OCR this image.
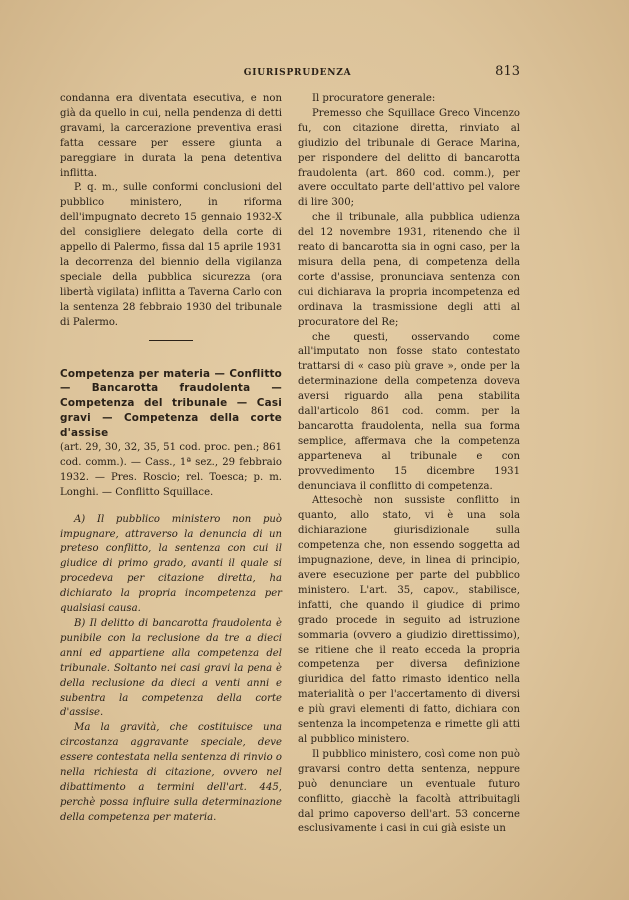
GIURISPRUDENZA	813

condanna era diventata esecutiva, e non già da quello in cui, nella pendenza di detti gravami, la carcerazione preventiva erasi fatta cessare per essere giunta a pareggiare in durata la pena detentiva inflitta.

P. q. m., sulle conformi conclusioni del pubblico ministero, in riforma dell'impugnato decreto 15 gennaio 1932-X del consigliere delegato della corte di appello di Palermo, fissa dal 15 aprile 1931 la decorrenza del biennio della vigilanza speciale della pubblica sicurezza (ora libertà vigilata) inflitta a Taverna Carlo con la sentenza 28 febbraio 1930 del tribunale di Palermo.

Competenza per materia — Conflitto — Bancarotta fraudolenta — Competenza del tribunale — Casi gravi — Competenza della corte d'assise

(art. 29, 30, 32, 35, 51 cod. proc. pen.; 861 cod. comm.). — Cass., 1ª sez., 29 febbraio 1932. — Pres. Roscio; rel. Toesca; p. m. Longhi. — Conflitto Squillace.

A) Il pubblico ministero non può impugnare, attraverso la denuncia di un preteso conflitto, la sentenza con cui il giudice di primo grado, avanti il quale si procedeva per citazione diretta, ha dichiarato la propria incompetenza per qualsiasi causa.

B) Il delitto di bancarotta fraudolenta è punibile con la reclusione da tre a dieci anni ed appartiene alla competenza del tribunale. Soltanto nei casi gravi la pena è della reclusione da dieci a venti anni e subentra la competenza della corte d'assise.

Ma la gravità, che costituisce una circostanza aggravante speciale, deve essere contestata nella sentenza di rinvio o nella richiesta di citazione, ovvero nel dibattimento a termini dell'art. 445, perchè possa influire sulla determinazione della competenza per materia.

Il procuratore generale:

Premesso che Squillace Greco Vincenzo fu, con citazione diretta, rinviato al giudizio del tribunale di Gerace Marina, per rispondere del delitto di bancarotta fraudolenta (art. 860 cod. comm.), per avere occultato parte dell'attivo pel valore di lire 300;

che il tribunale, alla pubblica udienza del 12 novembre 1931, ritenendo che il reato di bancarotta sia in ogni caso, per la misura della pena, di competenza della corte d'assise, pronunciava sentenza con cui dichiarava la propria incompetenza ed ordinava la trasmissione degli atti al procuratore del Re;

che questi, osservando come all'imputato non fosse stato contestato trattarsi di « caso più grave », onde per la determinazione della competenza doveva aversi riguardo alla pena stabilita dall'articolo 861 cod. comm. per la bancarotta fraudolenta, nella sua forma semplice, affermava che la competenza apparteneva al tribunale e con provvedimento 15 dicembre 1931 denunciava il conflitto di competenza.

Attesochè non sussiste conflitto in quanto, allo stato, vi è una sola dichiarazione giurisdizionale sulla competenza che, non essendo soggetta ad impugnazione, deve, in linea di principio, avere esecuzione per parte del pubblico ministero. L'art. 35, capov., stabilisce, infatti, che quando il giudice di primo grado procede in seguito ad istruzione sommaria (ovvero a giudizio direttissimo), se ritiene che il reato ecceda la propria competenza per diversa definizione giuridica del fatto rimasto identico nella materialità o per l'accertamento di diversi e più gravi elementi di fatto, dichiara con sentenza la incompetenza e rimette gli atti al pubblico ministero.

Il pubblico ministero, così come non può gravarsi contro detta sentenza, neppure può denunciare un eventuale futuro conflitto, giacchè la facoltà attribuitagli dal primo capoverso dell'art. 53 concerne esclusivamente i casi in cui già esiste un
